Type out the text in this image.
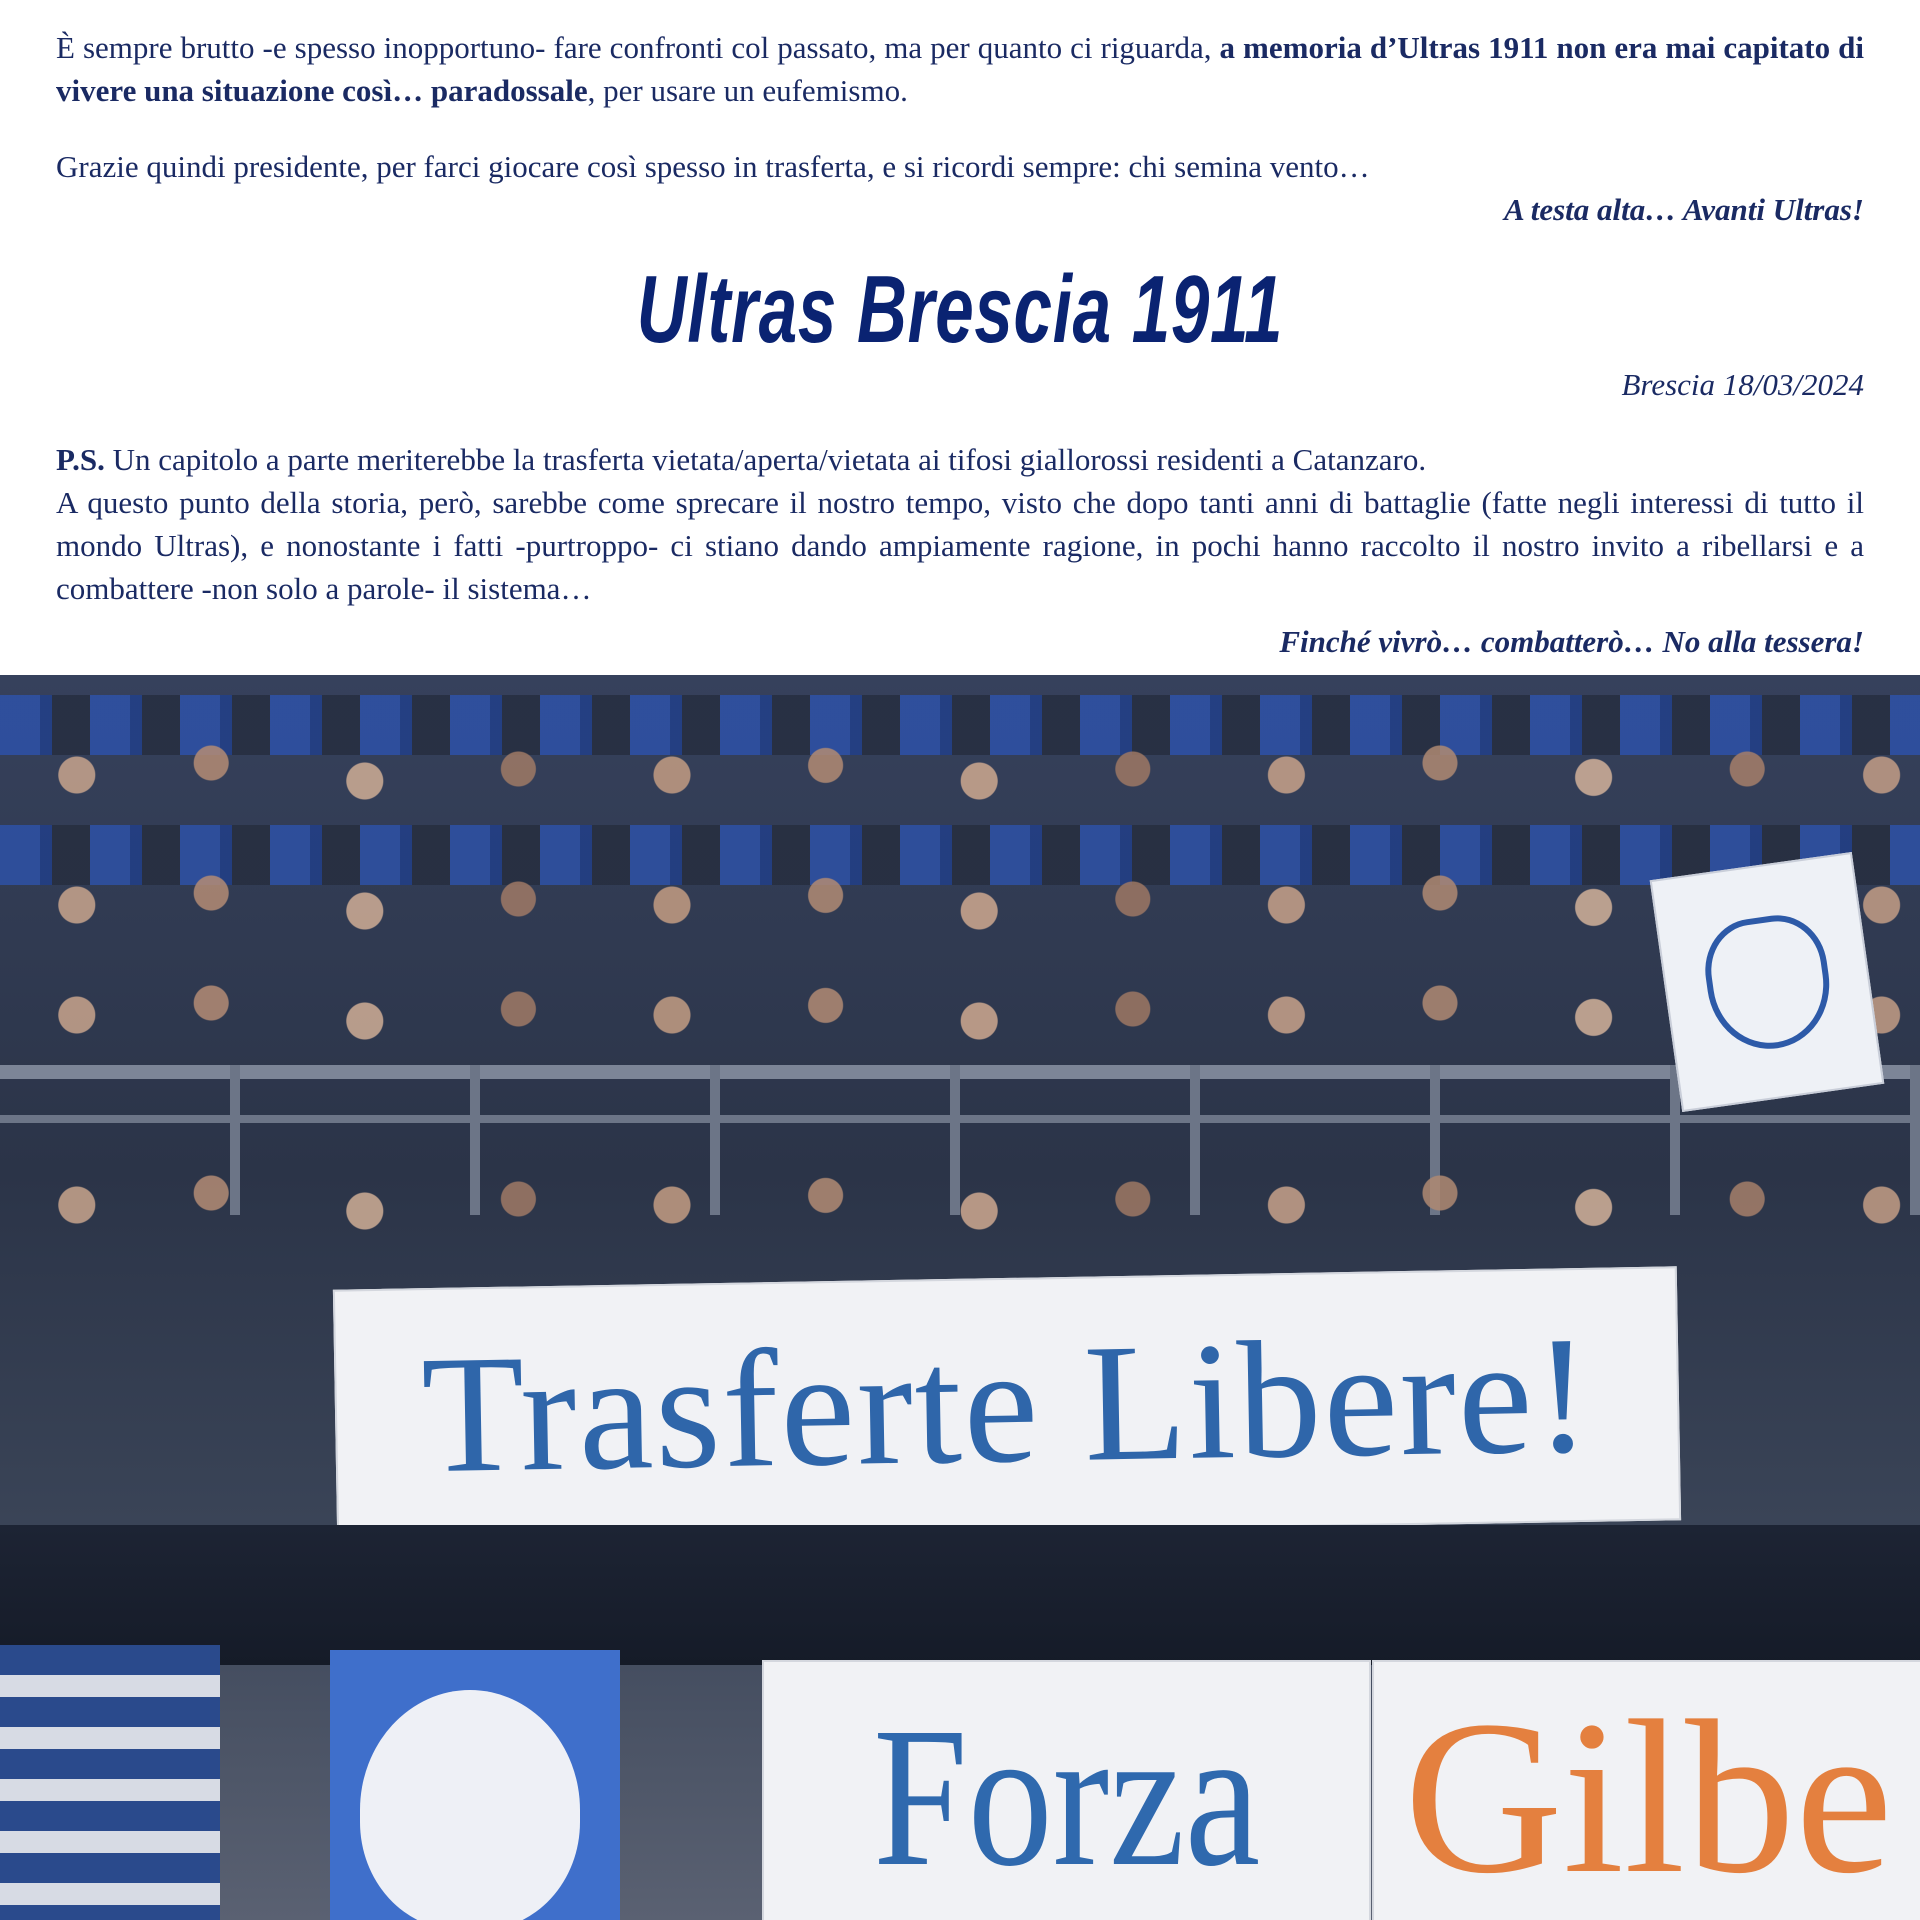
È sempre brutto -e spesso inopportuno- fare confronti col passato, ma per quanto ci riguarda, a memoria d’Ultras 1911 non era mai capitato di vivere una situazione così… paradossale, per usare un eufemismo.

Grazie quindi presidente, per farci giocare così spesso in trasferta, e si ricordi sempre: chi semina vento…

A testa alta… Avanti Ultras!
Ultras Brescia 1911
Brescia 18/03/2024

P.S. Un capitolo a parte meriterebbe la trasferta vietata/aperta/vietata ai tifosi giallorossi residenti a Catanzaro.
A questo punto della storia, però, sarebbe come sprecare il nostro tempo, visto che dopo tanti anni di battaglie (fatte negli interessi di tutto il mondo Ultras), e nonostante i fatti -purtroppo- ci stiano dando ampiamente ragione, in pochi hanno raccolto il nostro invito a ribellarsi e a combattere -non solo a parole- il sistema…

Finché vivrò… combatterò… No alla tessera!
Trasferte Libere!
Forza Gilbe
